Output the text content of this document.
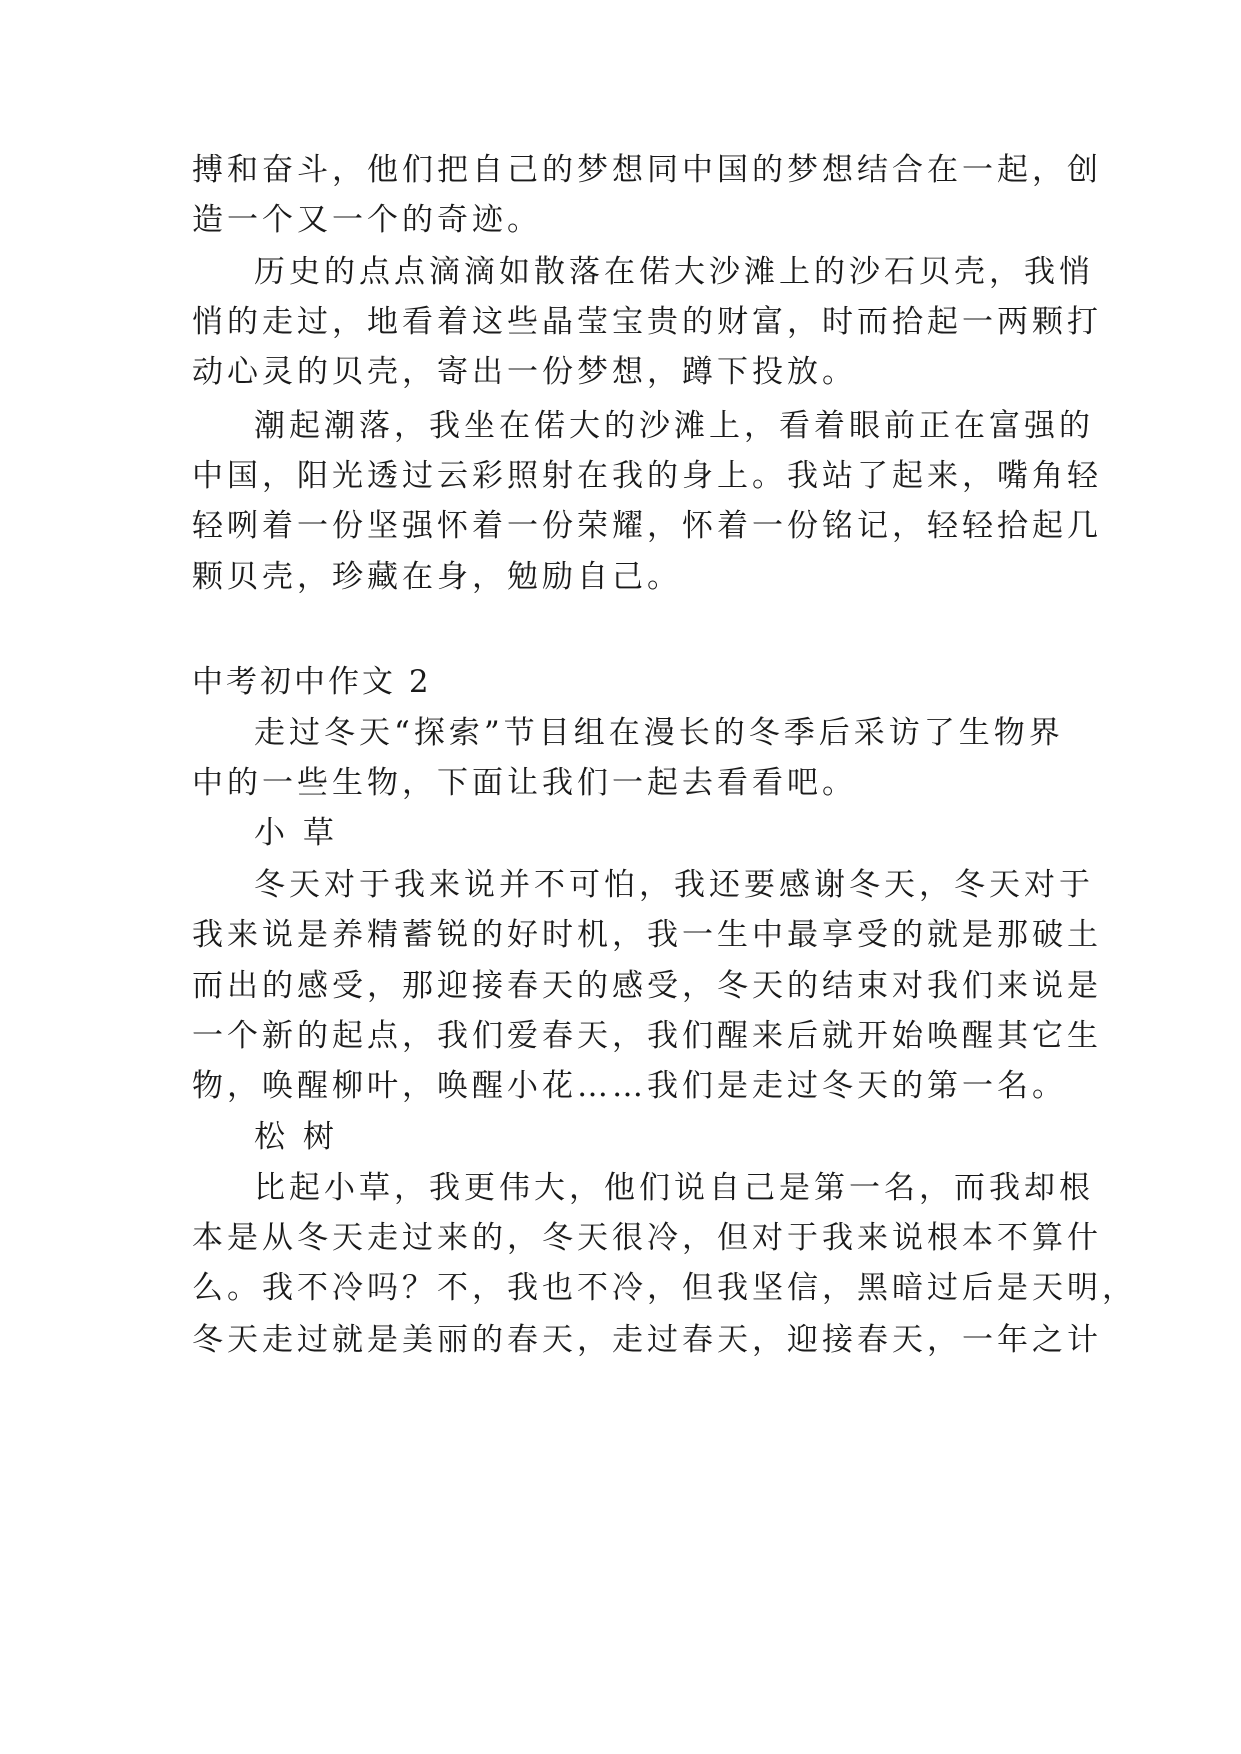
搏和奋斗，他们把自己的梦想同中国的梦想结合在一起，创
造一个又一个的奇迹。
历史的点点滴滴如散落在偌大沙滩上的沙石贝壳，我悄
悄的走过，地看着这些晶莹宝贵的财富，时而拾起一两颗打
动心灵的贝壳，寄出一份梦想，蹲下投放。
潮起潮落，我坐在偌大的沙滩上，看着眼前正在富强的
中国，阳光透过云彩照射在我的身上。我站了起来，嘴角轻
轻咧着一份坚强怀着一份荣耀，怀着一份铭记，轻轻拾起几
颗贝壳，珍藏在身，勉励自己。
中考初中作文 2
走过冬天“探索”节目组在漫长的冬季后采访了生物界
中的一些生物，下面让我们一起去看看吧。
小 草
冬天对于我来说并不可怕，我还要感谢冬天，冬天对于
我来说是养精蓄锐的好时机，我一生中最享受的就是那破土
而出的感受，那迎接春天的感受，冬天的结束对我们来说是
一个新的起点，我们爱春天，我们醒来后就开始唤醒其它生
物，唤醒柳叶，唤醒小花……我们是走过冬天的第一名。
松 树
比起小草，我更伟大，他们说自己是第一名，而我却根
本是从冬天走过来的，冬天很冷，但对于我来说根本不算什
么。我不冷吗？不，我也不冷，但我坚信，黑暗过后是天明，
冬天走过就是美丽的春天，走过春天，迎接春天，一年之计
